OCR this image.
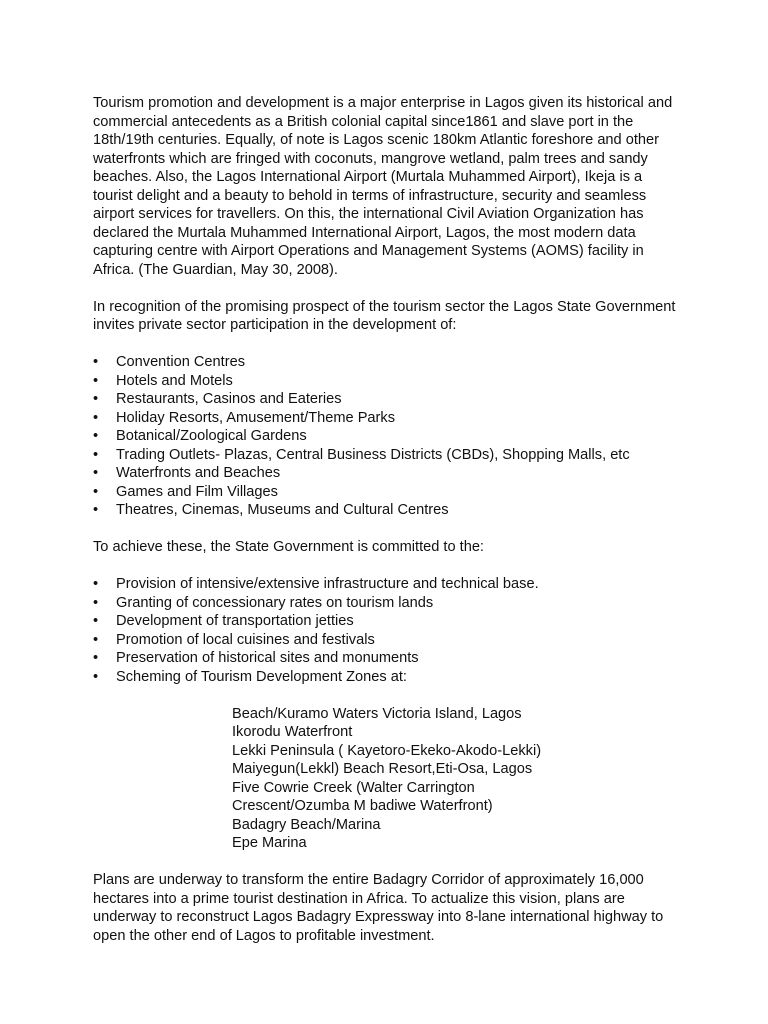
Tourism promotion and development is a major enterprise in Lagos given its historical and commercial antecedents as a British colonial capital since1861 and slave port in the 18th/19th centuries. Equally, of note is Lagos scenic 180km Atlantic foreshore and other waterfronts which are fringed with coconuts, mangrove wetland, palm trees and sandy beaches. Also, the Lagos International Airport (Murtala Muhammed Airport), Ikeja is a tourist delight and a beauty to behold in terms of infrastructure, security and seamless airport services for travellers. On this, the international Civil Aviation Organization has declared the Murtala Muhammed International Airport, Lagos, the most modern data capturing centre with Airport Operations and Management Systems (AOMS) facility in Africa. (The Guardian, May 30, 2008).

In recognition of the promising prospect of the tourism sector the Lagos State Government invites private sector participation in the development of:

• Convention Centres
• Hotels and Motels
• Restaurants, Casinos and Eateries
• Holiday Resorts, Amusement/Theme Parks
• Botanical/Zoological Gardens
• Trading Outlets- Plazas, Central Business Districts (CBDs), Shopping Malls, etc
• Waterfronts and Beaches
• Games and Film Villages
• Theatres, Cinemas, Museums and Cultural Centres

To achieve these, the State Government is committed to the:

• Provision of intensive/extensive infrastructure and technical base.
• Granting of concessionary rates on tourism lands
• Development of transportation jetties
• Promotion of local cuisines and festivals
• Preservation of historical sites and monuments
• Scheming of Tourism Development Zones at:
Beach/Kuramo Waters Victoria Island, Lagos
Ikorodu Waterfront
Lekki Peninsula ( Kayetoro-Ekeko-Akodo-Lekki)
Maiyegun(Lekkl) Beach Resort,Eti-Osa, Lagos
Five Cowrie Creek (Walter Carrington
Crescent/Ozumba M badiwe Waterfront)
Badagry Beach/Marina
Epe Marina

Plans are underway to transform the entire Badagry Corridor of approximately 16,000 hectares into a prime tourist destination in Africa. To actualize this vision, plans are underway to reconstruct Lagos Badagry Expressway into 8-lane international highway to open the other end of Lagos to profitable investment.
